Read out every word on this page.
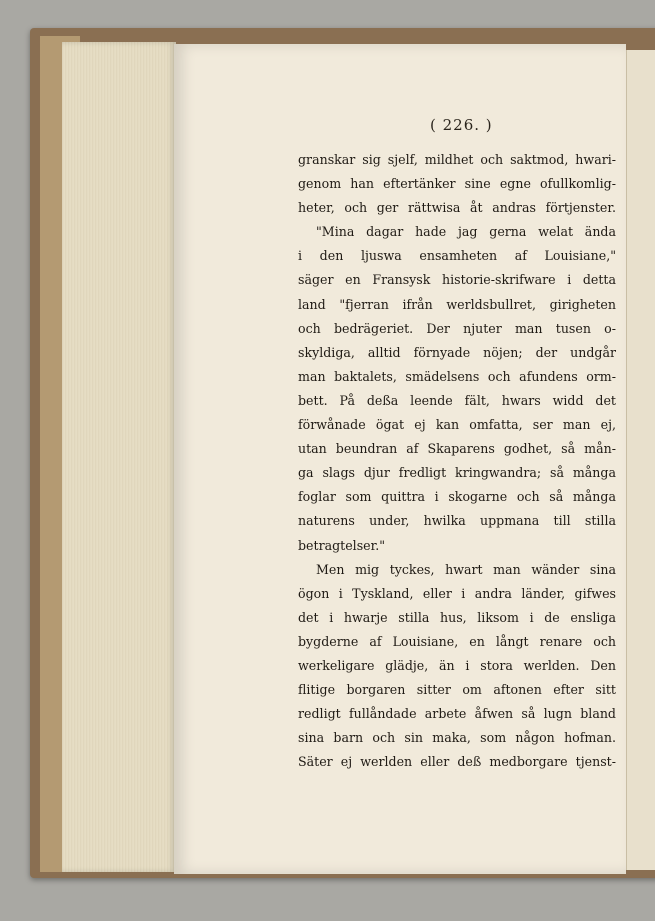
( 226. )
granskar sig sjelf, mildhet och saktmod, hwari-
genom han eftertänker sine egne ofullkomlig-
heter, och ger rättwisa åt andras förtjenster.
"Mina dagar hade jag gerna welat ända
i den ljuswa ensamheten af Louisiane,"
säger en Fransysk historie-skrifware i detta
land "fjerran ifrån werldsbullret, girigheten
och bedrägeriet. Der njuter man tusen o-
skyldiga, alltid förnyade nöjen; der undgår
man baktalets, smädelsens och afundens orm-
bett. På deßa leende fält, hwars widd det
förwånade ögat ej kan omfatta, ser man ej,
utan beundran af Skaparens godhet, så mån-
ga slags djur fredligt kringwandra; så många
foglar som quittra i skogarne och så många
naturens under, hwilka uppmana till stilla
betragtelser."
Men mig tyckes, hwart man wänder sina
ögon i Tyskland, eller i andra länder, gifwes
det i hwarje stilla hus, liksom i de ensliga
bygderne af Louisiane, en långt renare och
werkeligare glädje, än i stora werlden. Den
flitige borgaren sitter om aftonen efter sitt
redligt fullåndade arbete åfwen så lugn bland
sina barn och sin maka, som någon hofman.
Säter ej werlden eller deß medborgare tjenst-
